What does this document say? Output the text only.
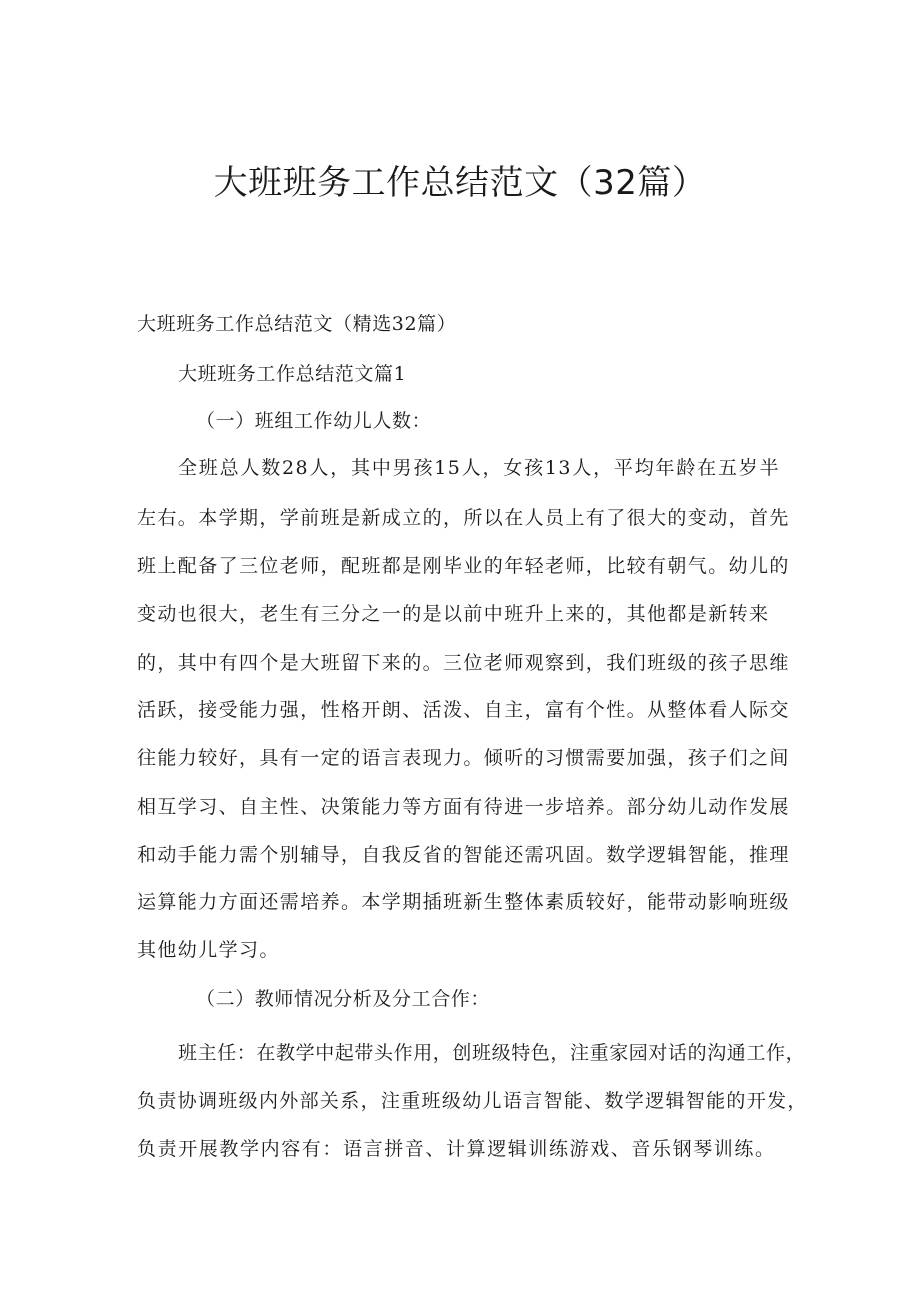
大班班务工作总结范文（32篇）

大班班务工作总结范文（精选32篇）

大班班务工作总结范文篇1

（一）班组工作幼儿人数：

全班总人数28人，其中男孩15人，女孩13人，平均年龄在五岁半

左右。本学期，学前班是新成立的，所以在人员上有了很大的变动，首先

班上配备了三位老师，配班都是刚毕业的年轻老师，比较有朝气。幼儿的

变动也很大，老生有三分之一的是以前中班升上来的，其他都是新转来

的，其中有四个是大班留下来的。三位老师观察到，我们班级的孩子思维

活跃，接受能力强，性格开朗、活泼、自主，富有个性。从整体看人际交

往能力较好，具有一定的语言表现力。倾听的习惯需要加强，孩子们之间

相互学习、自主性、决策能力等方面有待进一步培养。部分幼儿动作发展

和动手能力需个别辅导，自我反省的智能还需巩固。数学逻辑智能，推理

运算能力方面还需培养。本学期插班新生整体素质较好，能带动影响班级

其他幼儿学习。

（二）教师情况分析及分工合作：

班主任：在教学中起带头作用，创班级特色，注重家园对话的沟通工作，

负责协调班级内外部关系，注重班级幼儿语言智能、数学逻辑智能的开发，

负责开展教学内容有：语言拼音、计算逻辑训练游戏、音乐钢琴训练。
